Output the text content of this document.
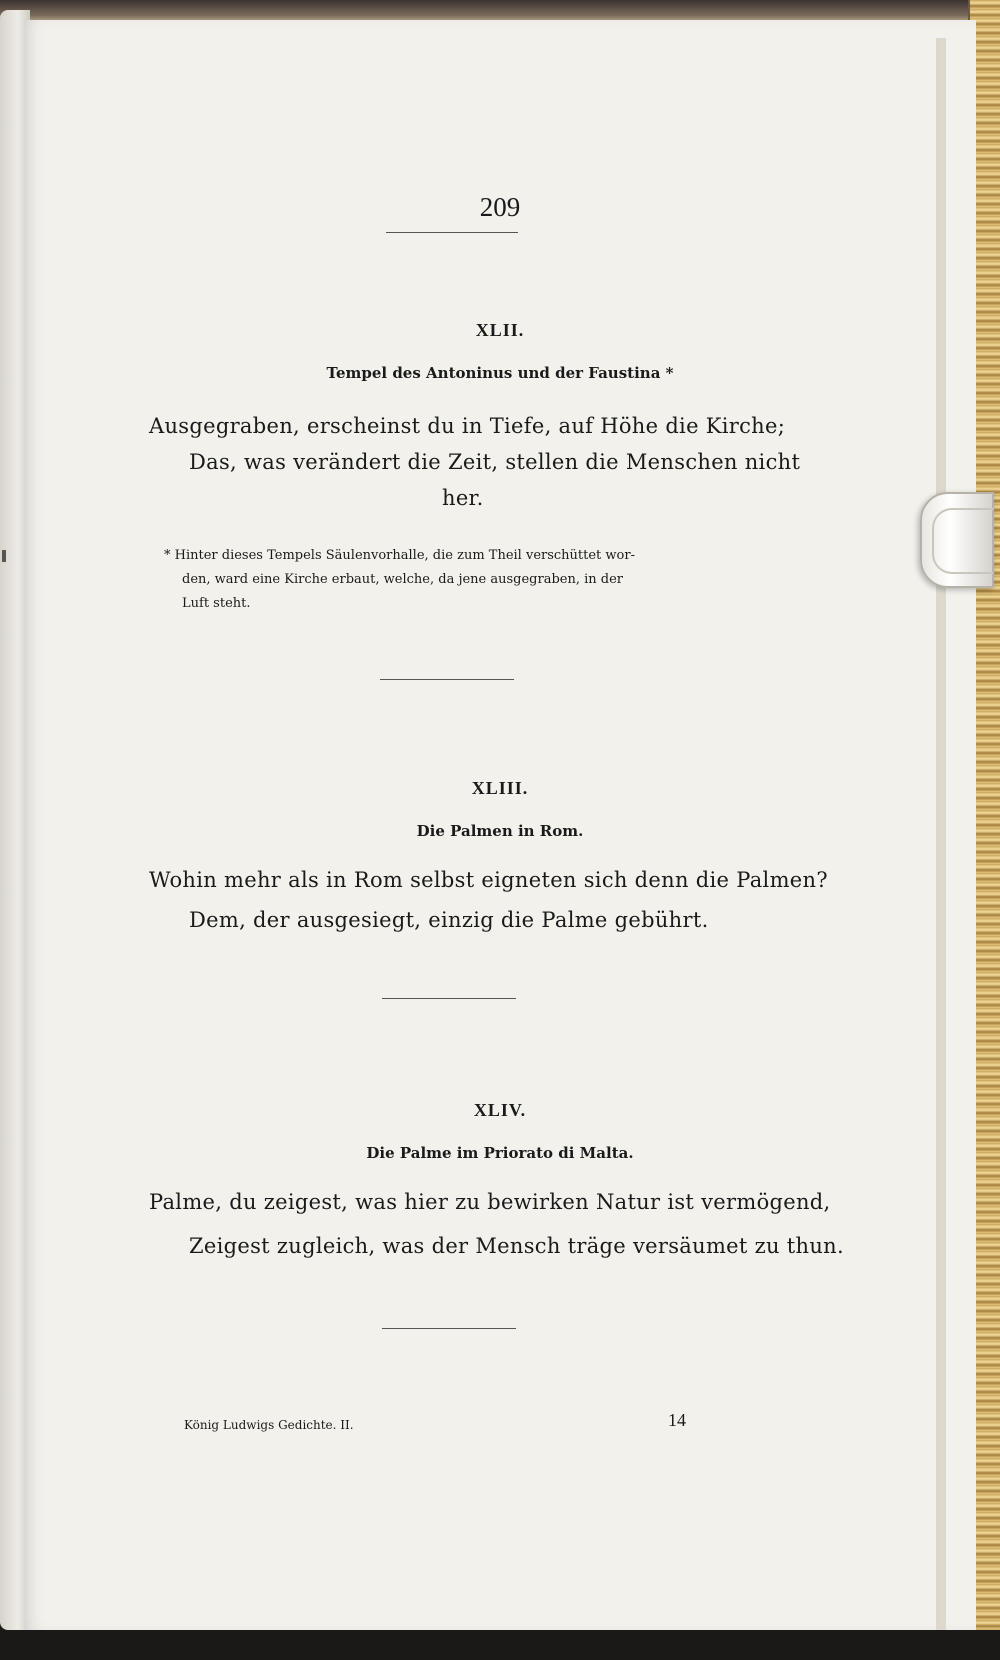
209
XLII.
Tempel des Antoninus und der Faustina *
Ausgegraben, erscheinst du in Tiefe, auf Höhe die Kirche;
Das, was verändert die Zeit, stellen die Menschen nicht
her.
* Hinter dieses Tempels Säulenvorhalle, die zum Theil verschüttet wor-
den, ward eine Kirche erbaut, welche, da jene ausgegraben, in der
Luft steht.
XLIII.
Die Palmen in Rom.
Wohin mehr als in Rom selbst eigneten sich denn die Palmen?
Dem, der ausgesiegt, einzig die Palme gebührt.
XLIV.
Die Palme im Priorato di Malta.
Palme, du zeigest, was hier zu bewirken Natur ist vermögend,
Zeigest zugleich, was der Mensch träge versäumet zu thun.
König Ludwigs Gedichte. II.	14
